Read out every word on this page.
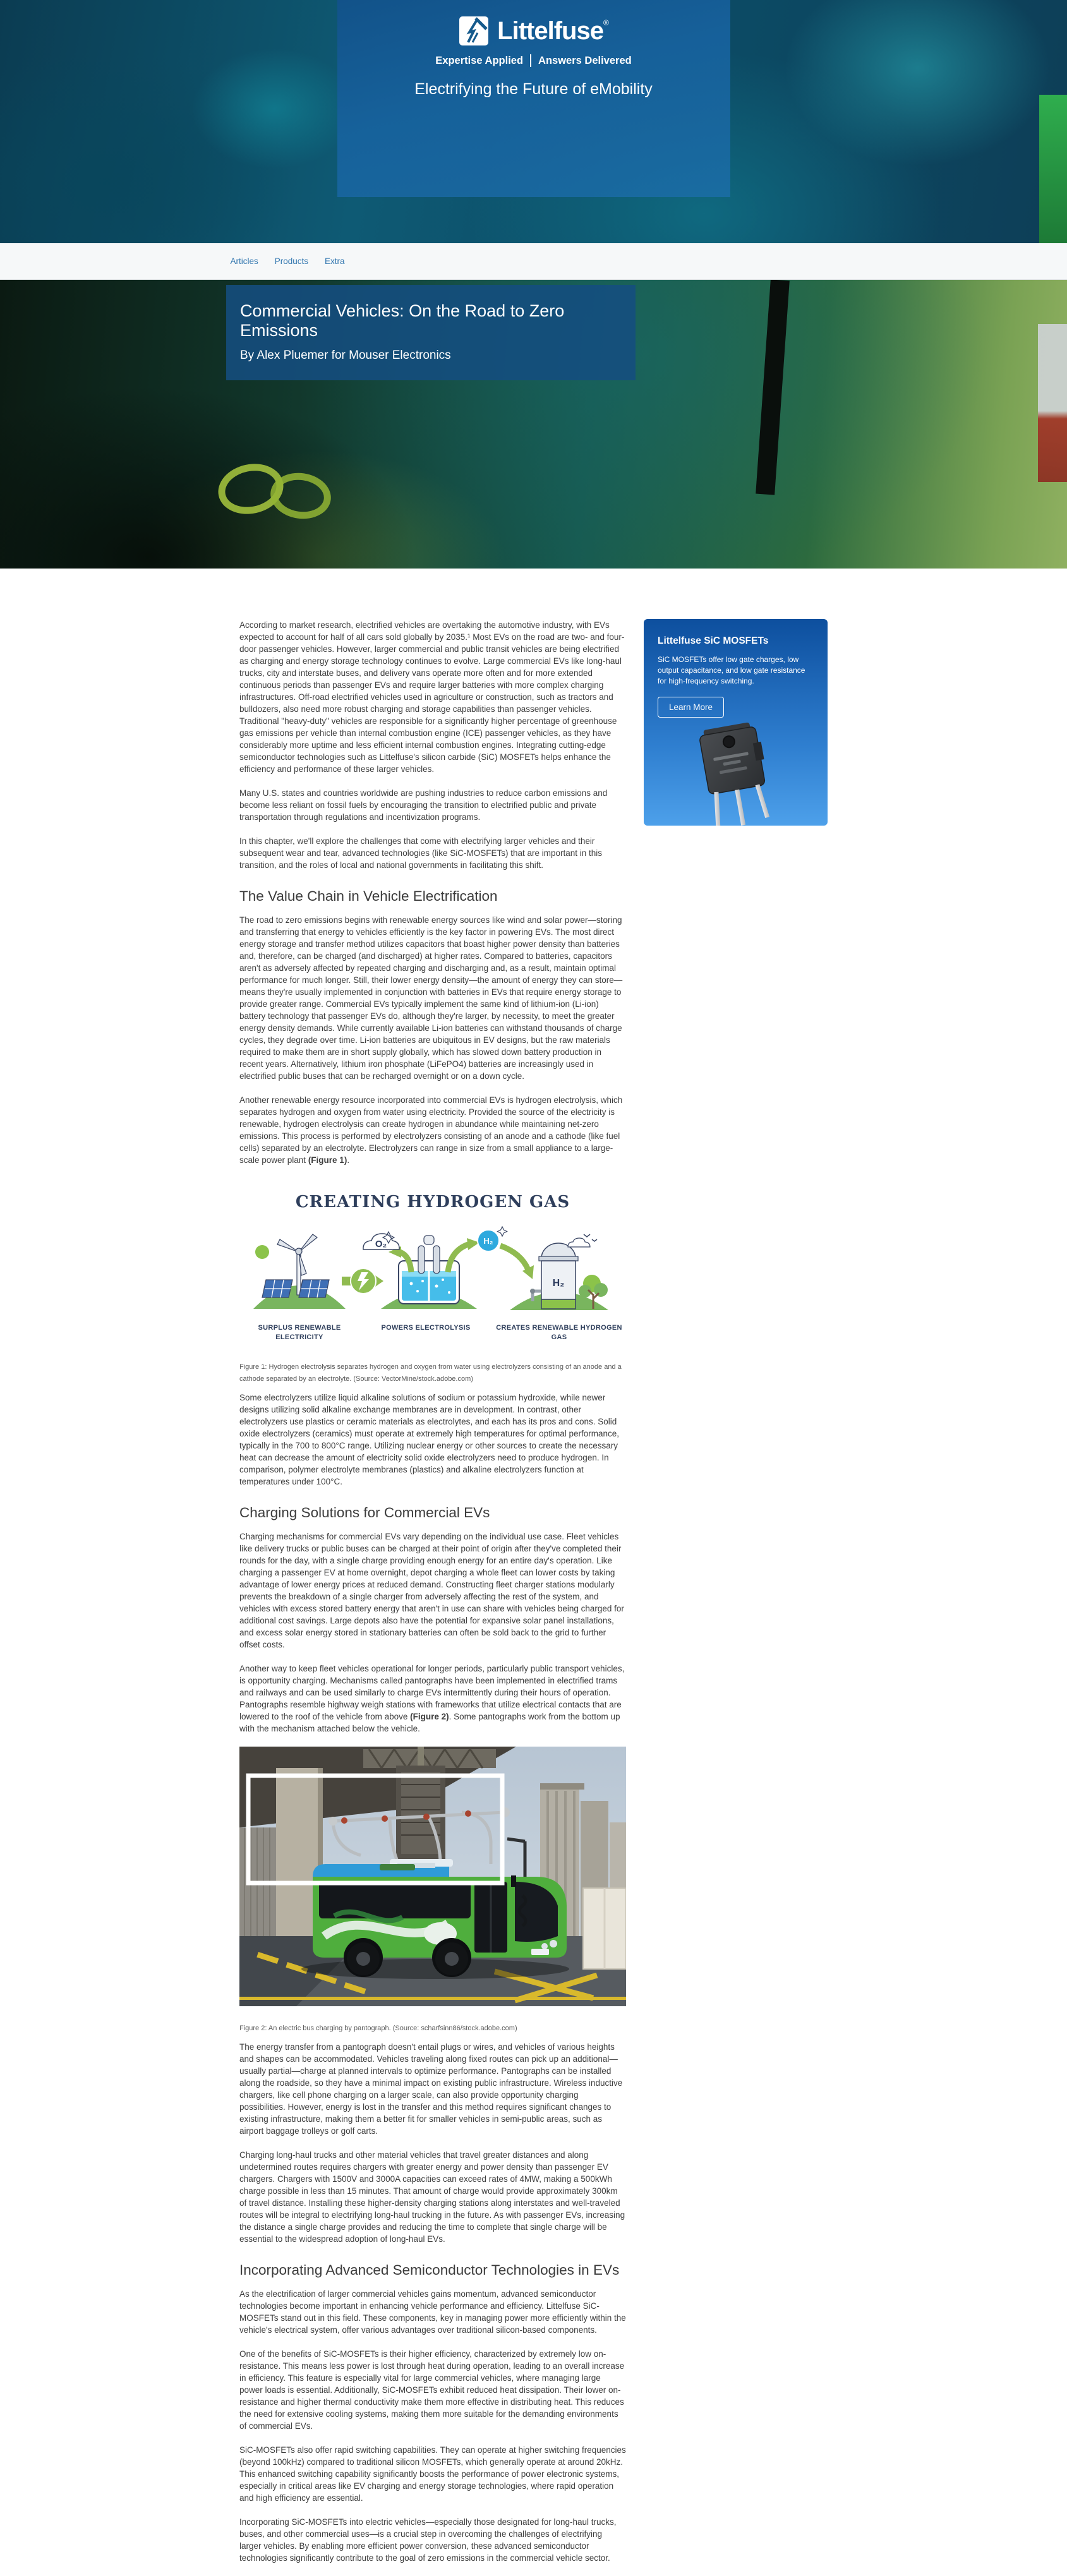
Littelfuse®
Expertise Applied Answers Delivered
Electrifying the Future of eMobility
Articles Products Extra
Commercial Vehicles: On the Road to Zero Emissions
By Alex Pluemer for Mouser Electronics

According to market research, electrified vehicles are overtaking the automotive industry, with EVs expected to account for half of all cars sold globally by 2035.¹ Most EVs on the road are two- and four-door passenger vehicles. However, larger commercial and public transit vehicles are being electrified as charging and energy storage technology continues to evolve. Large commercial EVs like long-haul trucks, city and interstate buses, and delivery vans operate more often and for more extended continuous periods than passenger EVs and require larger batteries with more complex charging infrastructures. Off-road electrified vehicles used in agriculture or construction, such as tractors and bulldozers, also need more robust charging and storage capabilities than passenger vehicles. Traditional "heavy-duty" vehicles are responsible for a significantly higher percentage of greenhouse gas emissions per vehicle than internal combustion engine (ICE) passenger vehicles, as they have considerably more uptime and less efficient internal combustion engines. Integrating cutting-edge semiconductor technologies such as Littelfuse's silicon carbide (SiC) MOSFETs helps enhance the efficiency and performance of these larger vehicles.

Many U.S. states and countries worldwide are pushing industries to reduce carbon emissions and become less reliant on fossil fuels by encouraging the transition to electrified public and private transportation through regulations and incentivization programs.

In this chapter, we'll explore the challenges that come with electrifying larger vehicles and their subsequent wear and tear, advanced technologies (like SiC-MOSFETs) that are important in this transition, and the roles of local and national governments in facilitating this shift.

The Value Chain in Vehicle Electrification

The road to zero emissions begins with renewable energy sources like wind and solar power—storing and transferring that energy to vehicles efficiently is the key factor in powering EVs. The most direct energy storage and transfer method utilizes capacitors that boast higher power density than batteries and, therefore, can be charged (and discharged) at higher rates. Compared to batteries, capacitors aren't as adversely affected by repeated charging and discharging and, as a result, maintain optimal performance for much longer. Still, their lower energy density—the amount of energy they can store—means they're usually implemented in conjunction with batteries in EVs that require energy storage to provide greater range. Commercial EVs typically implement the same kind of lithium-ion (Li-ion) battery technology that passenger EVs do, although they're larger, by necessity, to meet the greater energy density demands. While currently available Li-ion batteries can withstand thousands of charge cycles, they degrade over time. Li-ion batteries are ubiquitous in EV designs, but the raw materials required to make them are in short supply globally, which has slowed down battery production in recent years. Alternatively, lithium iron phosphate (LiFePO4) batteries are increasingly used in electrified public buses that can be recharged overnight or on a down cycle.

Another renewable energy resource incorporated into commercial EVs is hydrogen electrolysis, which separates hydrogen and oxygen from water using electricity. Provided the source of the electricity is renewable, hydrogen electrolysis can create hydrogen in abundance while maintaining net-zero emissions. This process is performed by electrolyzers consisting of an anode and a cathode (like fuel cells) separated by an electrolyte. Electrolyzers can range in size from a small appliance to a large-scale power plant (Figure 1).

CREATING HYDROGEN GAS
O₂	H₂
H₂
SURPLUS RENEWABLE ELECTRICITY
POWERS ELECTROLYSIS	CREATES RENEWABLE HYDROGEN GAS
Figure 1: Hydrogen electrolysis separates hydrogen and oxygen from water using electrolyzers consisting of an anode and a cathode separated by an electrolyte. (Source: VectorMine/stock.adobe.com)

Some electrolyzers utilize liquid alkaline solutions of sodium or potassium hydroxide, while newer designs utilizing solid alkaline exchange membranes are in development. In contrast, other electrolyzers use plastics or ceramic materials as electrolytes, and each has its pros and cons. Solid oxide electrolyzers (ceramics) must operate at extremely high temperatures for optimal performance, typically in the 700 to 800°C range. Utilizing nuclear energy or other sources to create the necessary heat can decrease the amount of electricity solid oxide electrolyzers need to produce hydrogen. In comparison, polymer electrolyte membranes (plastics) and alkaline electrolyzers function at temperatures under 100°C.

Charging Solutions for Commercial EVs

Charging mechanisms for commercial EVs vary depending on the individual use case. Fleet vehicles like delivery trucks or public buses can be charged at their point of origin after they've completed their rounds for the day, with a single charge providing enough energy for an entire day's operation. Like charging a passenger EV at home overnight, depot charging a whole fleet can lower costs by taking advantage of lower energy prices at reduced demand. Constructing fleet charger stations modularly prevents the breakdown of a single charger from adversely affecting the rest of the system, and vehicles with excess stored battery energy that aren't in use can share with vehicles being charged for additional cost savings. Large depots also have the potential for expansive solar panel installations, and excess solar energy stored in stationary batteries can often be sold back to the grid to further offset costs.

Another way to keep fleet vehicles operational for longer periods, particularly public transport vehicles, is opportunity charging. Mechanisms called pantographs have been implemented in electrified trams and railways and can be used similarly to charge EVs intermittently during their hours of operation. Pantographs resemble highway weigh stations with frameworks that utilize electrical contacts that are lowered to the roof of the vehicle from above (Figure 2). Some pantographs work from the bottom up with the mechanism attached below the vehicle.

Figure 2: An electric bus charging by pantograph. (Source: scharfsinn86/stock.adobe.com)

The energy transfer from a pantograph doesn't entail plugs or wires, and vehicles of various heights and shapes can be accommodated. Vehicles traveling along fixed routes can pick up an additional—usually partial—charge at planned intervals to optimize performance. Pantographs can be installed along the roadside, so they have a minimal impact on existing public infrastructure. Wireless inductive chargers, like cell phone charging on a larger scale, can also provide opportunity charging possibilities. However, energy is lost in the transfer and this method requires significant changes to existing infrastructure, making them a better fit for smaller vehicles in semi-public areas, such as airport baggage trolleys or golf carts.

Charging long-haul trucks and other material vehicles that travel greater distances and along undetermined routes requires chargers with greater energy and power density than passenger EV chargers. Chargers with 1500V and 3000A capacities can exceed rates of 4MW, making a 500kWh charge possible in less than 15 minutes. That amount of charge would provide approximately 300km of travel distance. Installing these higher-density charging stations along interstates and well-traveled routes will be integral to electrifying long-haul trucking in the future. As with passenger EVs, increasing the distance a single charge provides and reducing the time to complete that single charge will be essential to the widespread adoption of long-haul EVs.

Incorporating Advanced Semiconductor Technologies in EVs

As the electrification of larger commercial vehicles gains momentum, advanced semiconductor technologies become important in enhancing vehicle performance and efficiency. Littelfuse SiC-MOSFETs stand out in this field. These components, key in managing power more efficiently within the vehicle's electrical system, offer various advantages over traditional silicon-based components.

One of the benefits of SiC-MOSFETs is their higher efficiency, characterized by extremely low on-resistance. This means less power is lost through heat during operation, leading to an overall increase in efficiency. This feature is especially vital for large commercial vehicles, where managing large power loads is essential. Additionally, SiC-MOSFETs exhibit reduced heat dissipation. Their lower on-resistance and higher thermal conductivity make them more effective in distributing heat. This reduces the need for extensive cooling systems, making them more suitable for the demanding environments of commercial EVs.

SiC-MOSFETs also offer rapid switching capabilities. They can operate at higher switching frequencies (beyond 100kHz) compared to traditional silicon MOSFETs, which generally operate at around 20kHz. This enhanced switching capability significantly boosts the performance of power electronic systems, especially in critical areas like EV charging and energy storage technologies, where rapid operation and high efficiency are essential.

Incorporating SiC-MOSFETs into electric vehicles—especially those designated for long-haul trucks, buses, and other commercial uses—is a crucial step in overcoming the challenges of electrifying larger vehicles. By enabling more efficient power conversion, these advanced semiconductor technologies significantly contribute to the goal of zero emissions in the commercial vehicle sector.

Littelfuse SiC MOSFETs
SiC MOSFETs offer low gate charges, low output capacitance, and low gate resistance for high-frequency switching.
Learn More
